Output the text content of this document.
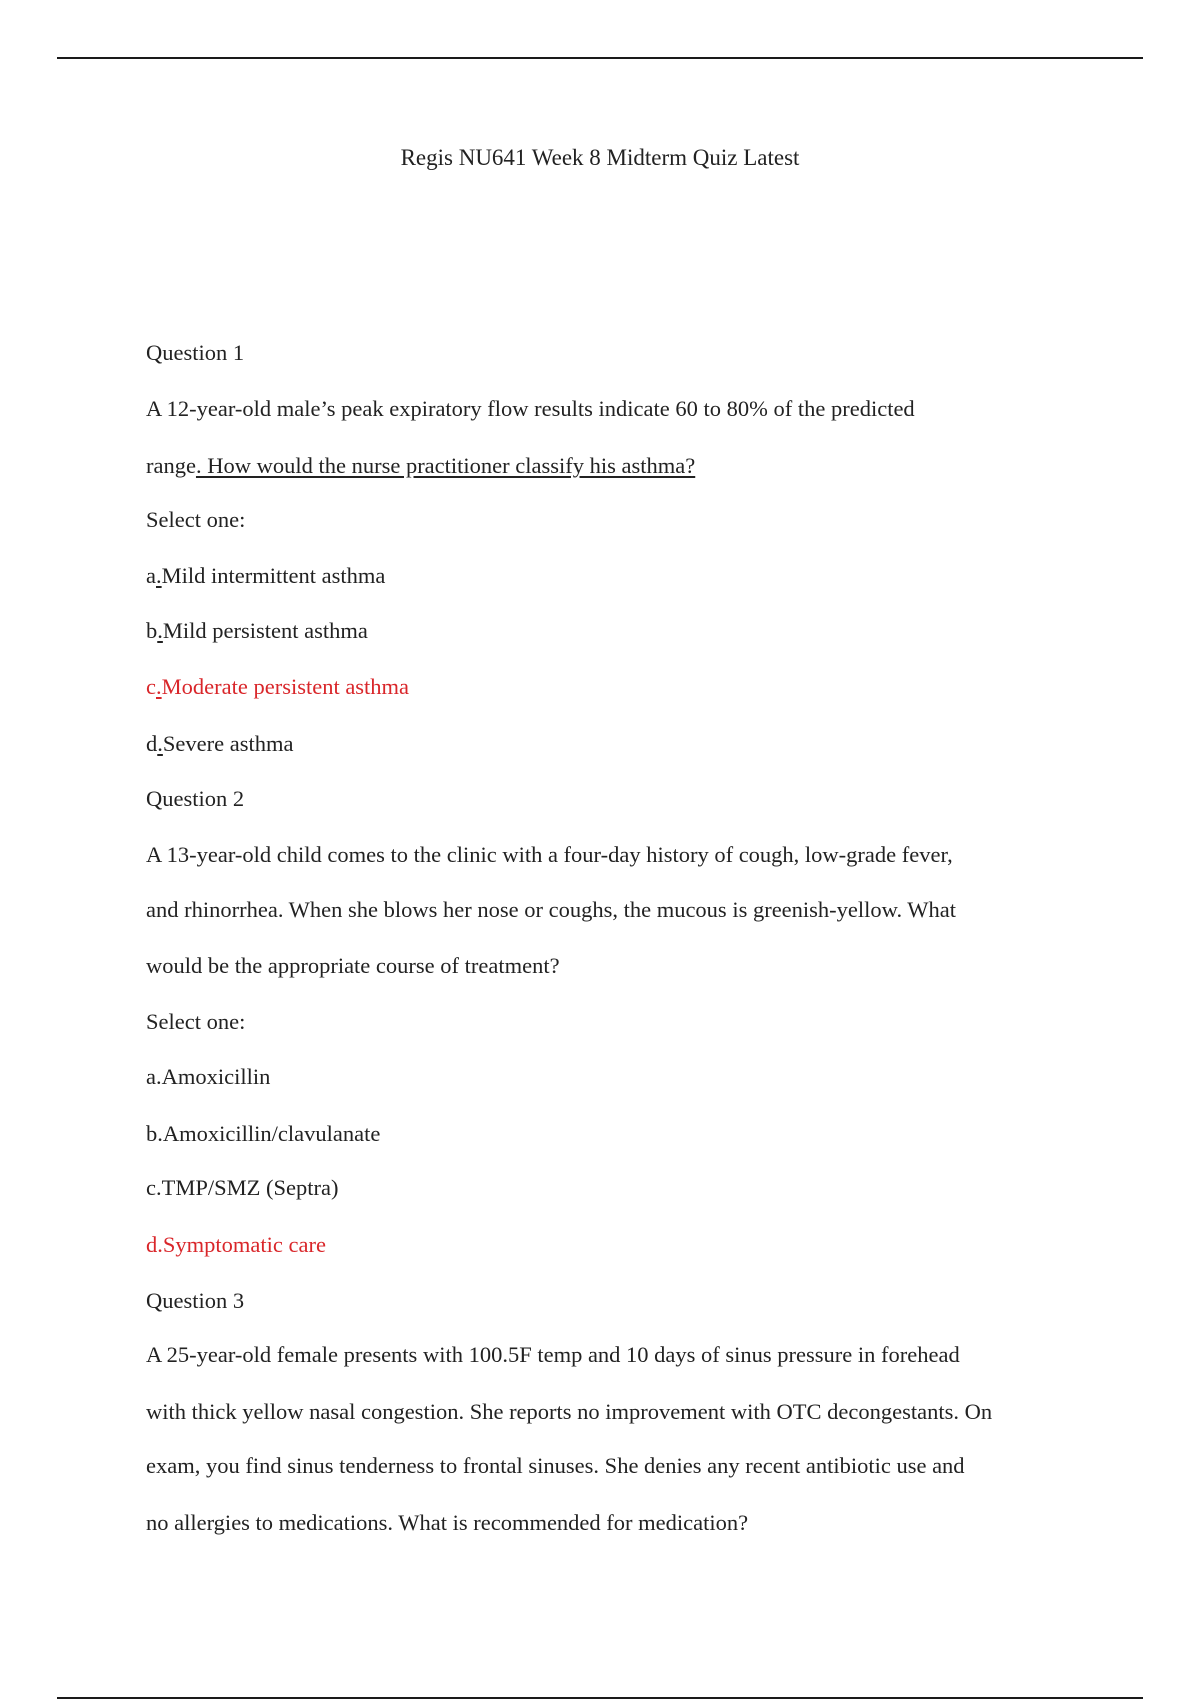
Regis NU641 Week 8 Midterm Quiz Latest
Question 1
A 12-year-old male’s peak expiratory flow results indicate 60 to 80% of the predicted
range. How would the nurse practitioner classify his asthma?
Select one:
a.Mild intermittent asthma
b.Mild persistent asthma
c.Moderate persistent asthma
d.Severe asthma
Question 2
A 13-year-old child comes to the clinic with a four-day history of cough, low-grade fever,
and rhinorrhea. When she blows her nose or coughs, the mucous is greenish-yellow. What
would be the appropriate course of treatment?
Select one:
a.Amoxicillin
b.Amoxicillin/clavulanate
c.TMP/SMZ (Septra)
d.Symptomatic care
Question 3
A 25-year-old female presents with 100.5F temp and 10 days of sinus pressure in forehead
with thick yellow nasal congestion. She reports no improvement with OTC decongestants. On
exam, you find sinus tenderness to frontal sinuses. She denies any recent antibiotic use and
no allergies to medications. What is recommended for medication?
